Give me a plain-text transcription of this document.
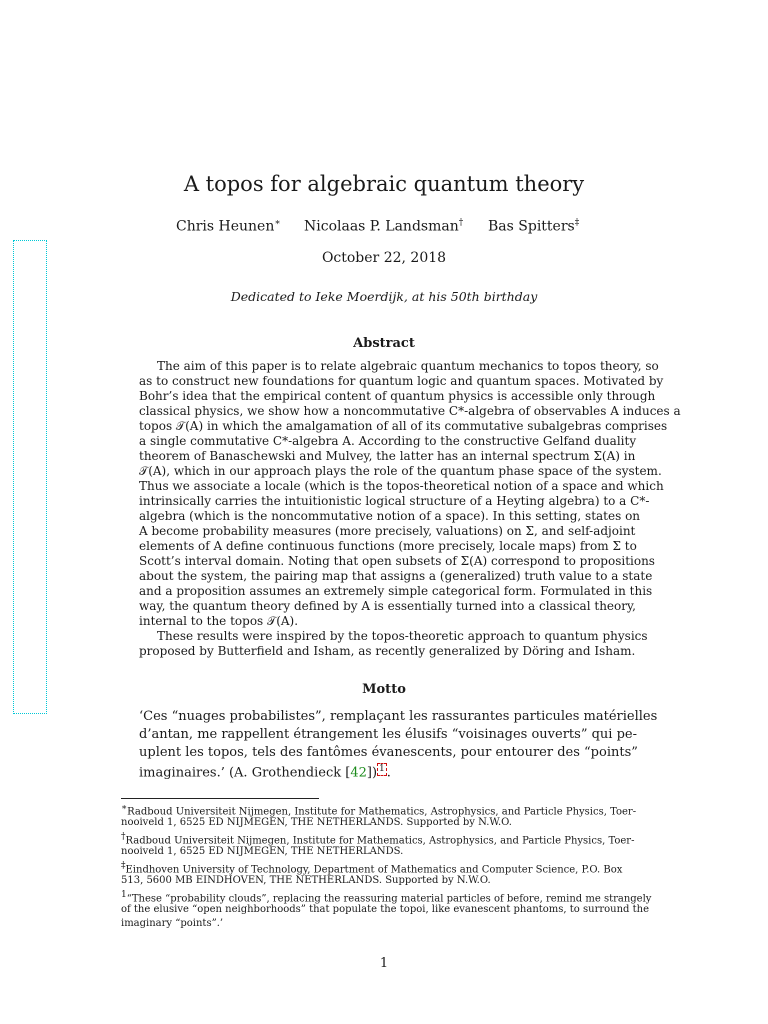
A topos for algebraic quantum theory
Chris Heunen∗ Nicolaas P. Landsman† Bas Spitters‡
October 22, 2018
Dedicated to Ieke Moerdijk, at his 50th birthday
Abstract
The aim of this paper is to relate algebraic quantum mechanics to topos theory, so
as to construct new foundations for quantum logic and quantum spaces. Motivated by
Bohr’s idea that the empirical content of quantum physics is accessible only through
classical physics, we show how a noncommutative C*-algebra of observables A induces a
topos 𝒯(A) in which the amalgamation of all of its commutative subalgebras comprises
a single commutative C*-algebra A. According to the constructive Gelfand duality
theorem of Banaschewski and Mulvey, the latter has an internal spectrum Σ(A) in
𝒯(A), which in our approach plays the role of the quantum phase space of the system.
Thus we associate a locale (which is the topos-theoretical notion of a space and which
intrinsically carries the intuitionistic logical structure of a Heyting algebra) to a C*-
algebra (which is the noncommutative notion of a space). In this setting, states on
A become probability measures (more precisely, valuations) on Σ, and self-adjoint
elements of A define continuous functions (more precisely, locale maps) from Σ to
Scott’s interval domain. Noting that open subsets of Σ(A) correspond to propositions
about the system, the pairing map that assigns a (generalized) truth value to a state
and a proposition assumes an extremely simple categorical form. Formulated in this
way, the quantum theory defined by A is essentially turned into a classical theory,
internal to the topos 𝒯(A).
These results were inspired by the topos-theoretic approach to quantum physics
proposed by Butterfield and Isham, as recently generalized by Döring and Isham.
Motto
‘Ces “nuages probabilistes”, remplaçant les rassurantes particules matérielles
d’antan, me rappellent étrangement les élusifs “voisinages ouverts” qui pe-
uplent les topos, tels des fantômes évanescents, pour entourer des “points”
imaginaires.’ (A. Grothendieck [42]) 1 .
∗Radboud Universiteit Nijmegen, Institute for Mathematics, Astrophysics, and Particle Physics, Toer-
nooiveld 1, 6525 ED NIJMEGEN, THE NETHERLANDS. Supported by N.W.O.
†Radboud Universiteit Nijmegen, Institute for Mathematics, Astrophysics, and Particle Physics, Toer-
nooiveld 1, 6525 ED NIJMEGEN, THE NETHERLANDS.
‡Eindhoven University of Technology, Department of Mathematics and Computer Science, P.O. Box
513, 5600 MB EINDHOVEN, THE NETHERLANDS. Supported by N.W.O.
$^1$“These “probability clouds”, replacing the reassuring material particles of before, remind me strangely
of the elusive “open neighborhoods” that populate the topoi, like evanescent phantoms, to surround the
imaginary “points”.’
1
